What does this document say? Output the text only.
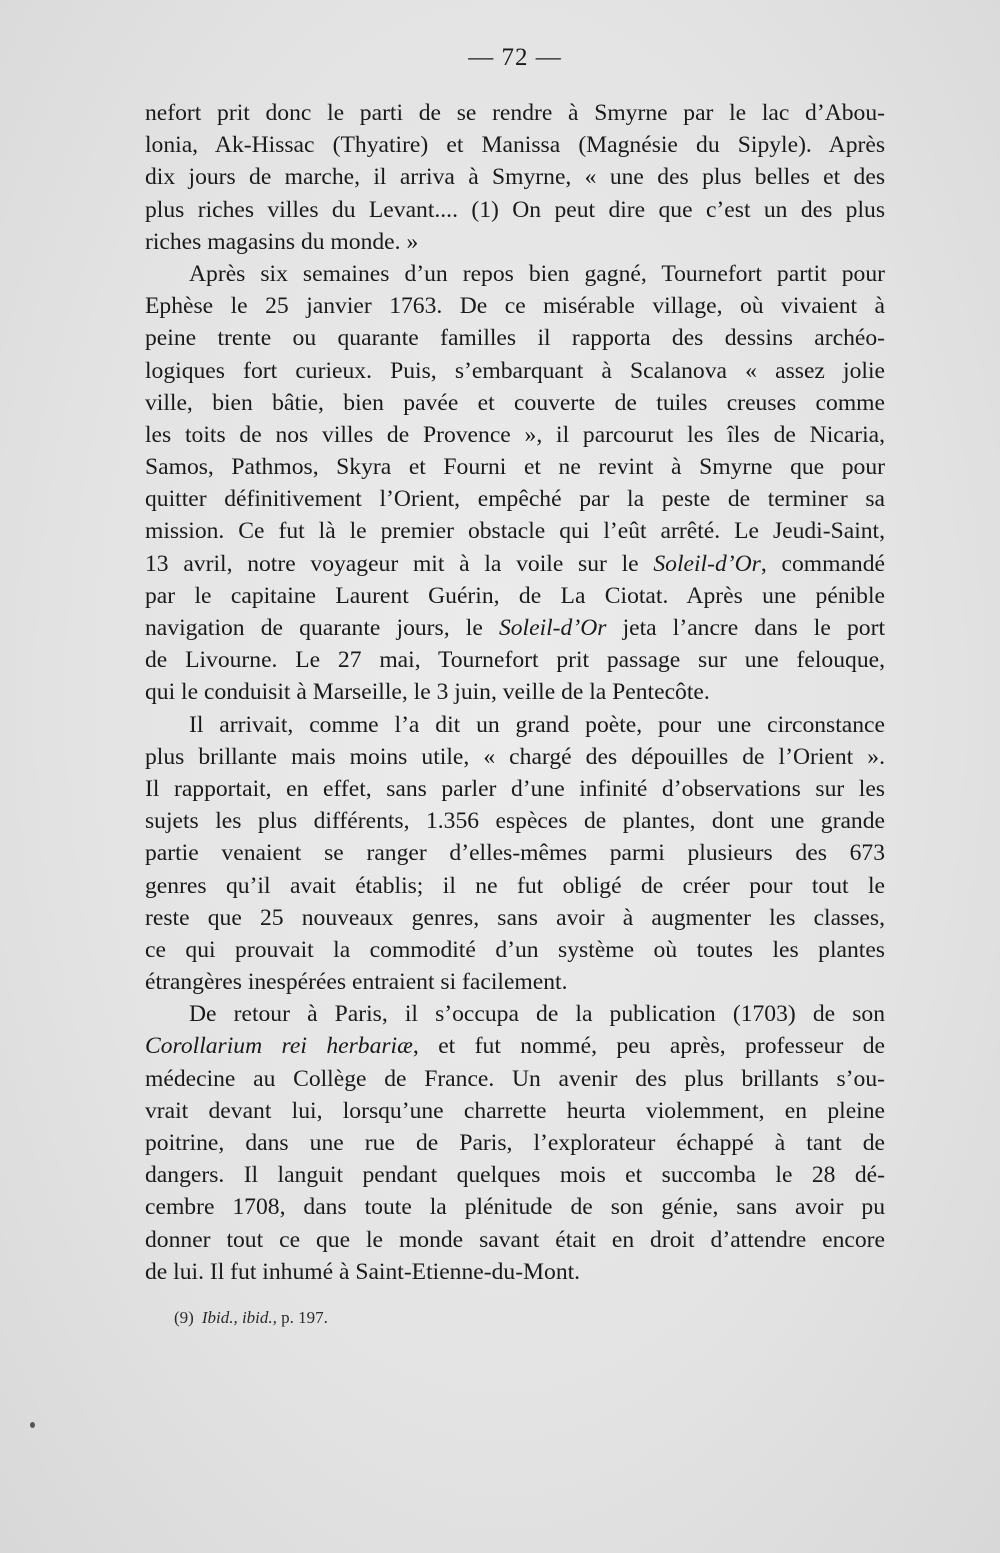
— 72 —

nefort prit donc le parti de se rendre à Smyrne par le lac d’Abou-
lonia, Ak-Hissac (Thyatire) et Manissa (Magnésie du Sipyle). Après
dix jours de marche, il arriva à Smyrne, « une des plus belles et des
plus riches villes du Levant.... (1) On peut dire que c’est un des plus
riches magasins du monde. »

Après six semaines d’un repos bien gagné, Tournefort partit pour
Ephèse le 25 janvier 1763. De ce misérable village, où vivaient à
peine trente ou quarante familles il rapporta des dessins archéo-
logiques fort curieux. Puis, s’embarquant à Scalanova « assez jolie
ville, bien bâtie, bien pavée et couverte de tuiles creuses comme
les toits de nos villes de Provence », il parcourut les îles de Nicaria,
Samos, Pathmos, Skyra et Fourni et ne revint à Smyrne que pour
quitter définitivement l’Orient, empêché par la peste de terminer sa
mission. Ce fut là le premier obstacle qui l’eût arrêté. Le Jeudi-Saint,
13 avril, notre voyageur mit à la voile sur le Soleil-d’Or, commandé
par le capitaine Laurent Guérin, de La Ciotat. Après une pénible
navigation de quarante jours, le Soleil-d’Or jeta l’ancre dans le port
de Livourne. Le 27 mai, Tournefort prit passage sur une felouque,
qui le conduisit à Marseille, le 3 juin, veille de la Pentecôte.

Il arrivait, comme l’a dit un grand poète, pour une circonstance
plus brillante mais moins utile, « chargé des dépouilles de l’Orient ».
Il rapportait, en effet, sans parler d’une infinité d’observations sur les
sujets les plus différents, 1.356 espèces de plantes, dont une grande
partie venaient se ranger d’elles-mêmes parmi plusieurs des 673
genres qu’il avait établis; il ne fut obligé de créer pour tout le
reste que 25 nouveaux genres, sans avoir à augmenter les classes,
ce qui prouvait la commodité d’un système où toutes les plantes
étrangères inespérées entraient si facilement.

De retour à Paris, il s’occupa de la publication (1703) de son
Corollarium rei herbariæ, et fut nommé, peu après, professeur de
médecine au Collège de France. Un avenir des plus brillants s’ou-
vrait devant lui, lorsqu’une charrette heurta violemment, en pleine
poitrine, dans une rue de Paris, l’explorateur échappé à tant de
dangers. Il languit pendant quelques mois et succomba le 28 dé-
cembre 1708, dans toute la plénitude de son génie, sans avoir pu
donner tout ce que le monde savant était en droit d’attendre encore
de lui. Il fut inhumé à Saint-Etienne-du-Mont.

(9) Ibid., ibid., p. 197.
